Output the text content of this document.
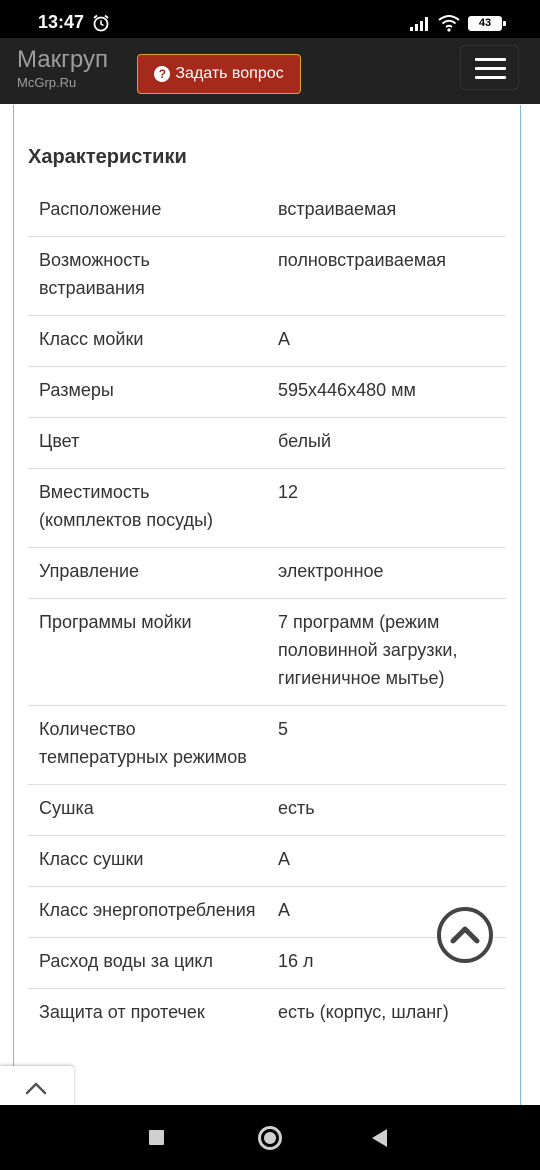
13:47	43
Макгруп
McGrp.Ru
? Задать вопрос
Характеристики
Расположение	встраиваемая
Возможность встраивания	полновстраиваемая
Класс мойки	A
Размеры	595x446x480 мм
Цвет	белый
Вместимость (комплектов посуды)	12
Управление	электронное
Программы мойки	7 программ (режим половинной загрузки, гигиеничное мытье)
Количество температурных режимов	5
Сушка	есть
Класс сушки	A
Класс энергопотребления	A
Расход воды за цикл	16 л
Защита от протечек	есть (корпус, шланг)
